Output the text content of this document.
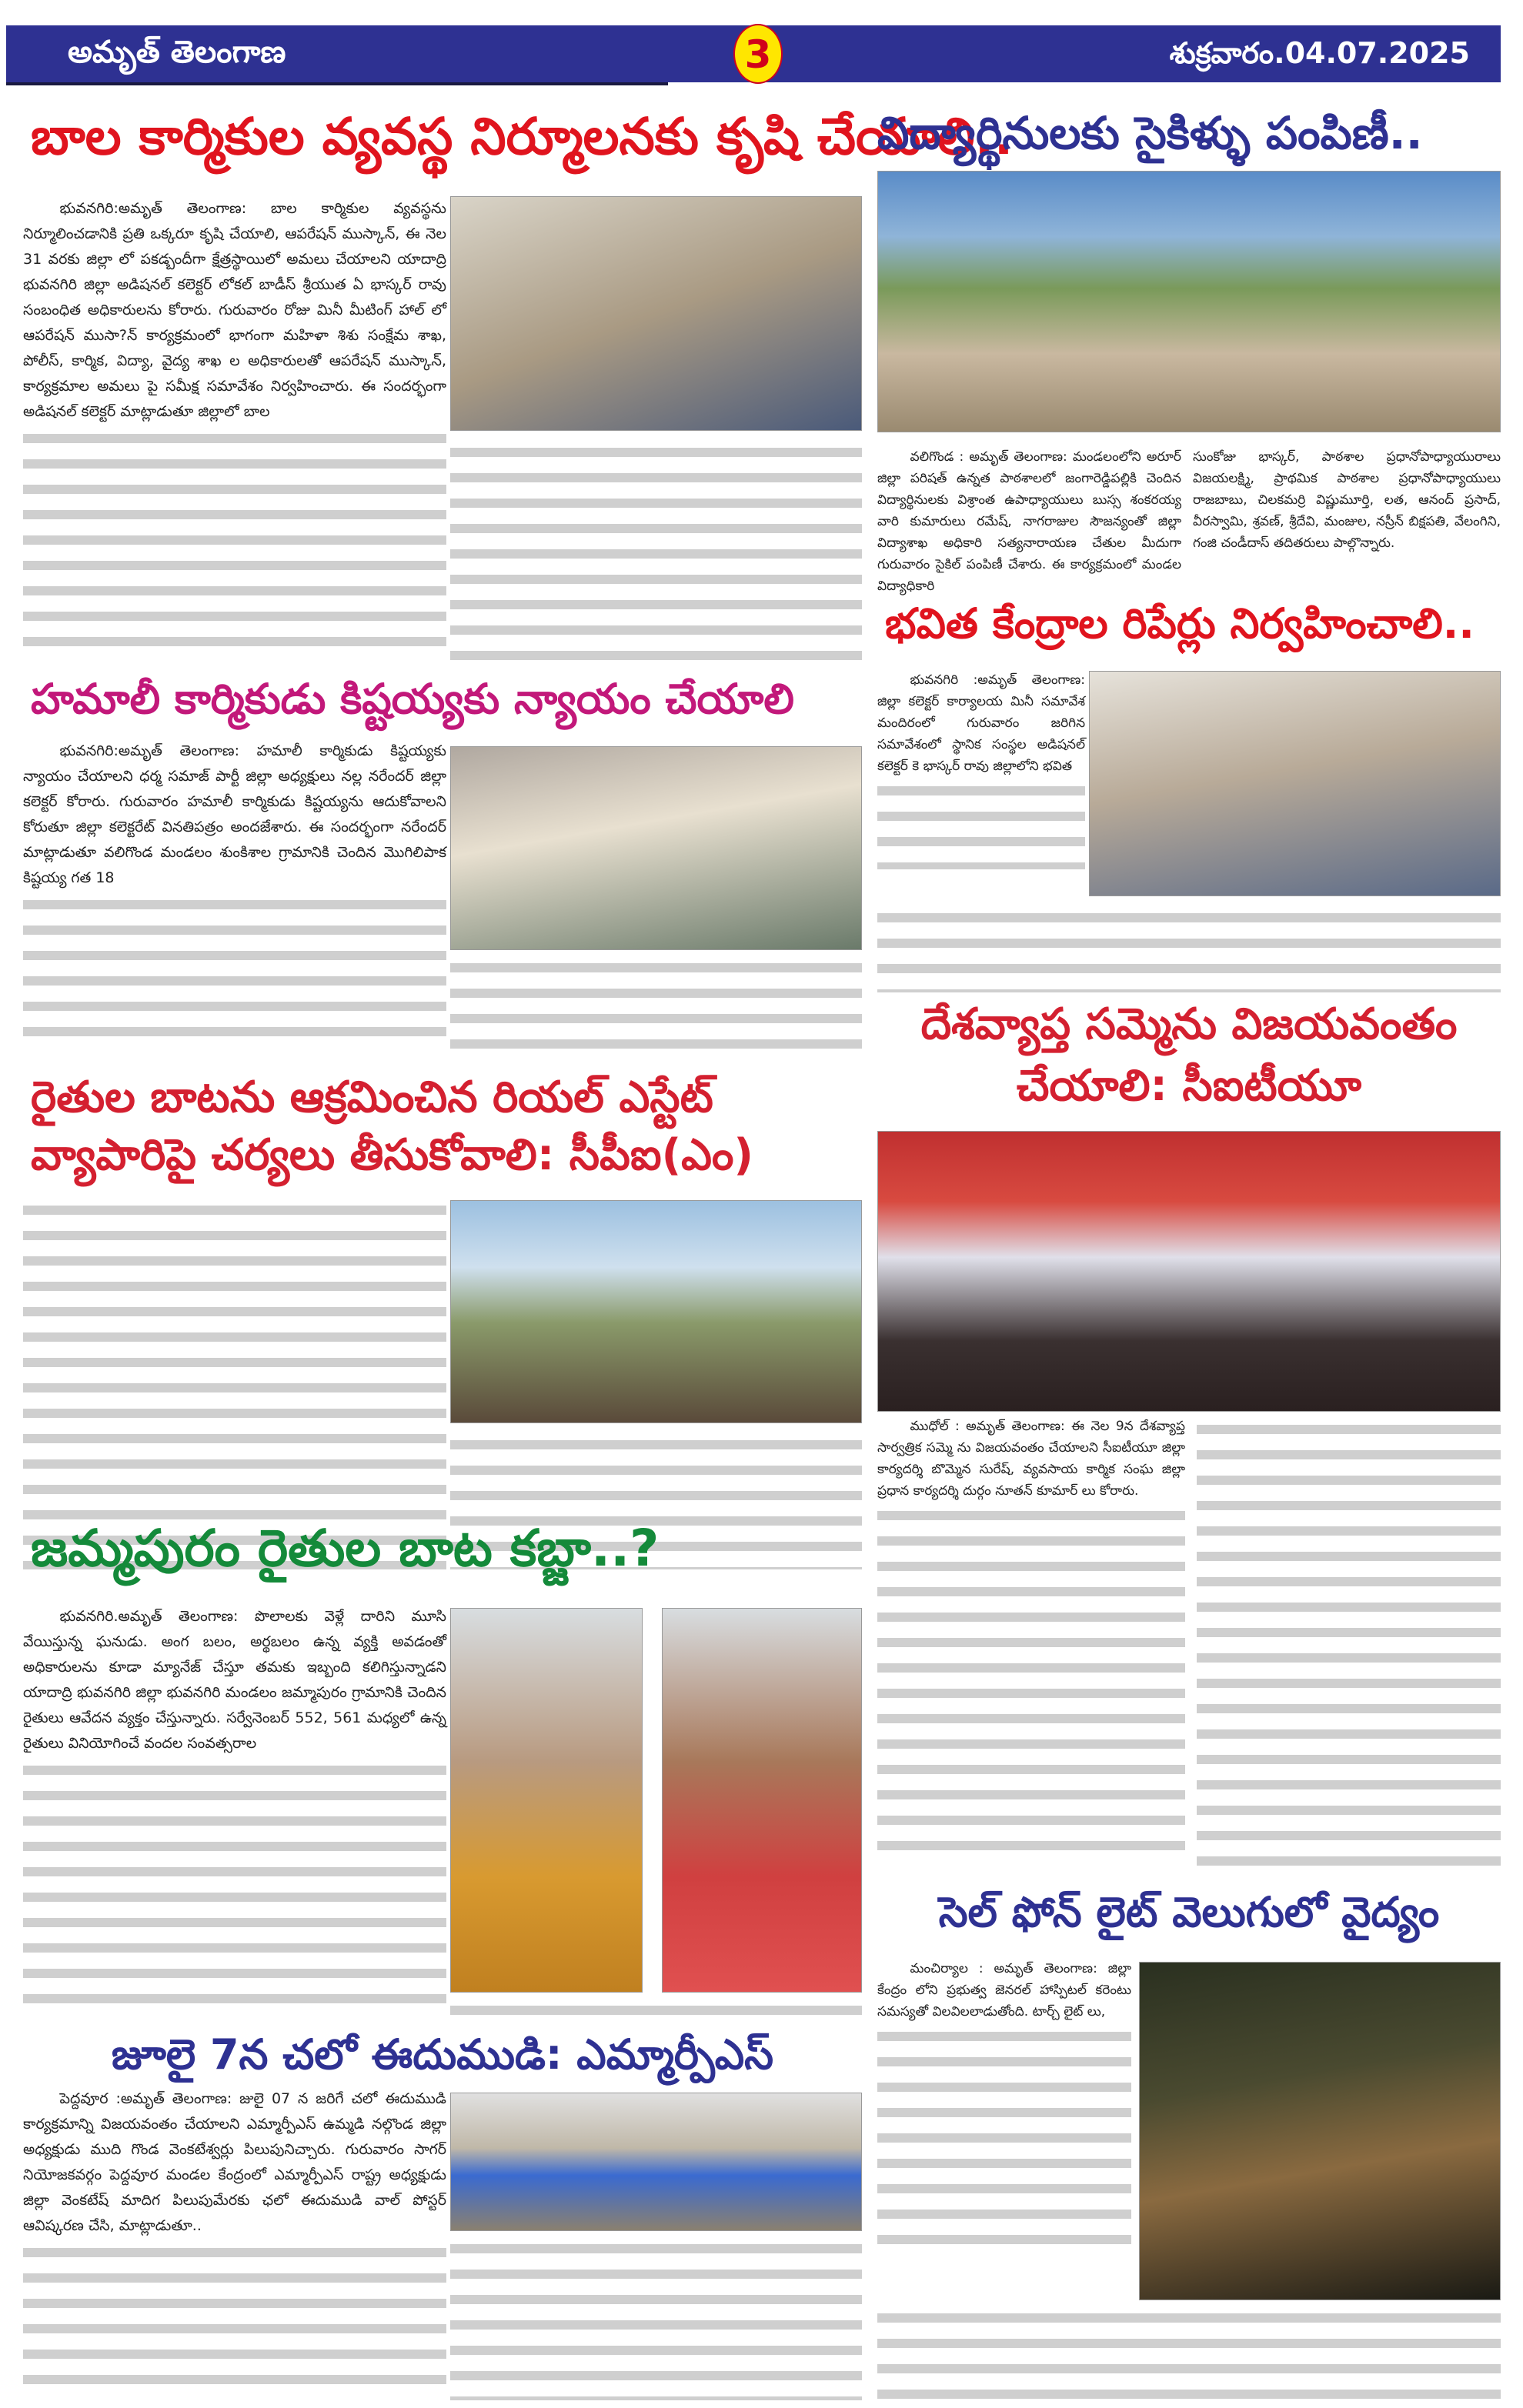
అమృత్ తెలంగాణ	3	శుక్రవారం.04.07.2025
బాల కార్మికుల వ్యవస్థ నిర్మూలనకు కృషి చేయాలి..

భువనగిరి:అమృత్ తెలంగాణ: బాల కార్మికుల వ్యవస్థను నిర్మూలించడానికి ప్రతి ఒక్కరూ కృషి చేయాలి, ఆపరేషన్ ముస్కాన్, ఈ నెల 31 వరకు జిల్లా లో పకడ్బందీగా క్షేత్రస్థాయిలో అమలు చేయాలని యాదాద్రి భువనగిరి జిల్లా అడిషనల్ కలెక్టర్ లోకల్ బాడీస్ శ్రీయుత ఏ భాస్కర్ రావు సంబంధిత అధికారులను కోరారు. గురువారం రోజు మినీ మీటింగ్ హాల్ లో ఆపరేషన్ ముసా?న్ కార్యక్రమంలో భాగంగా మహిళా శిశు సంక్షేమ శాఖ, పోలీస్, కార్మిక, విద్యా, వైద్య శాఖ ల అధికారులతో ఆపరేషన్ ముస్కాన్, కార్యక్రమాల అమలు పై సమీక్ష సమావేశం నిర్వహించారు. ఈ సందర్భంగా అడిషనల్ కలెక్టర్ మాట్లాడుతూ జిల్లాలో బాల

విద్యార్థినులకు సైకిళ్ళు పంపిణీ..

వలిగొండ : అమృత్ తెలంగాణ: మండలంలోని అరూర్ జిల్లా పరిషత్ ఉన్నత పాఠశాలలో జంగారెడ్డిపల్లికి చెందిన విద్యార్థినులకు విశ్రాంత ఉపాధ్యాయులు బుస్స శంకరయ్య వారి కుమారులు రమేష్, నాగరాజుల సౌజన్యంతో జిల్లా విద్యాశాఖ అధికారి సత్యనారాయణ చేతుల మీదుగా గురువారం సైకిల్ పంపిణీ చేశారు. ఈ కార్యక్రమంలో మండల విద్యాధికారి

సుంకోజు భాస్కర్, పాఠశాల ప్రధానోపాధ్యాయురాలు విజయలక్ష్మి, ప్రాథమిక పాఠశాల ప్రధానోపాధ్యాయులు రాజబాబు, చిలకమర్రి విష్ణుమూర్తి, లత, ఆనంద్ ప్రసాద్, వీరస్వామి, శ్రవణ్, శ్రీదేవి, మంజుల, నస్రీన్ బిక్షపతి, వేలంగిని, గంజి చండీదాస్ తదితరులు పాల్గొన్నారు.
భవిత కేంద్రాల రిపేర్లు నిర్వహించాలి..

భువనగిరి :అమృత్ తెలంగాణ: జిల్లా కలెక్టర్ కార్యాలయ మినీ సమావేశ మందిరంలో గురువారం జరిగిన సమావేశంలో స్థానిక సంస్థల అడిషనల్ కలెక్టర్ కె భాస్కర్ రావు జిల్లాలోని భవిత

హమాలీ కార్మికుడు కిష్టయ్యకు న్యాయం చేయాలి

భువనగిరి:అమృత్ తెలంగాణ: హమాలీ కార్మికుడు కిష్టయ్యకు న్యాయం చేయాలని ధర్మ సమాజ్ పార్టీ జిల్లా అధ్యక్షులు నల్ల నరేందర్ జిల్లా కలెక్టర్ కోరారు. గురువారం హమాలీ కార్మికుడు కిష్టయ్యను ఆదుకోవాలని కోరుతూ జిల్లా కలెక్టరేట్ వినతిపత్రం అందజేశారు. ఈ సందర్భంగా నరేందర్ మాట్లాడుతూ వలిగొండ మండలం శుంకిశాల గ్రామానికి చెందిన మొగిలిపాక కిష్టయ్య గత 18

రైతుల బాటను ఆక్రమించిన రియల్ ఎస్టేట్
వ్యాపారిపై చర్యలు తీసుకోవాలి: సీపీఐ(ఎం)
దేశవ్యాప్త సమ్మెను విజయవంతం
చేయాలి: సీఐటీయూ

ముధోల్ : అమృత్ తెలంగాణ: ఈ నెల 9న దేశవ్యాప్త సార్వత్రిక సమ్మె ను విజయవంతం చేయాలని సీఐటీయూ జిల్లా కార్యదర్శి బొమ్మెన సురేష్, వ్యవసాయ కార్మిక సంఘ జిల్లా ప్రధాన కార్యదర్శి దుర్గం నూతన్ కూమార్ లు కోరారు.

జమ్మపురం రైతుల బాట కబ్జా..?

భువనగిరి.అమృత్ తెలంగాణ: పొలాలకు వెళ్లే దారిని మూసి వేయిస్తున్న ఘనుడు. అంగ బలం, అర్థబలం ఉన్న వ్యక్తి అవడంతో అధికారులను కూడా మ్యానేజ్ చేస్తూ తమకు ఇబ్బంది కలిగిస్తున్నాడని యాదాద్రి భువనగిరి జిల్లా భువనగిరి మండలం జమ్మాపురం గ్రామానికి చెందిన రైతులు ఆవేదన వ్యక్తం చేస్తున్నారు. సర్వేనెంబర్ 552, 561 మధ్యలో ఉన్న రైతులు వినియోగించే వందల సంవత్సరాల

జూలై 7న చలో ఈదుముడి: ఎమ్మార్పీఎస్

పెద్దవూర :అమృత్ తెలంగాణ: జులై 07 న జరిగే చలో ఈదుముడి కార్యక్రమాన్ని విజయవంతం చేయాలని ఎమ్మార్పీఎస్ ఉమ్మడి నల్గొండ జిల్లా అధ్యక్షుడు ముది గొండ వెంకటేశ్వర్లు పిలుపునిచ్చారు. గురువారం సాగర్ నియోజకవర్గం పెద్దవూర మండల కేంద్రంలో ఎమ్మార్పీఎస్ రాష్ట్ర అధ్యక్షుడు జిల్లా వెంకటేష్ మాదిగ పిలుపుమేరకు ఛలో ఈదుముడి వాల్ పోస్టర్ ఆవిష్కరణ చేసి, మాట్లాడుతూ..

సెల్ ఫోన్ లైట్ వెలుగులో వైద్యం

మంచిర్యాల : అమృత్ తెలంగాణ: జిల్లా కేంద్రం లోని ప్రభుత్వ జెనరల్ హాస్పిటల్ కరెంటు సమస్యతో విలవిలలాడుతోంది. టార్చ్ లైట్ లు,
